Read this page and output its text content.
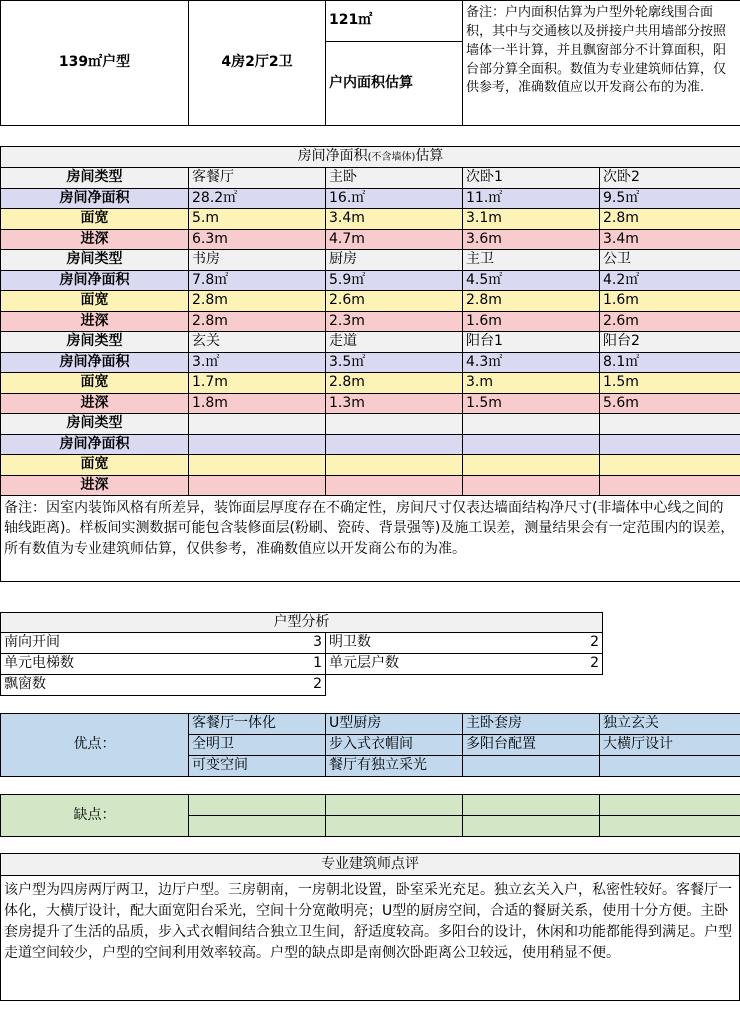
139㎡户型	4房2厅2卫	121㎡	备注：户内面积估算为户型外轮廓线围合面积，其中与交通核以及拼接户共用墙部分按照墙体一半计算，并且飘窗部分不计算面积，阳台部分算全面积。数值为专业建筑师估算，仅供参考，准确数值应以开发商公布的为准.
户内面积估算
房间净面积(不含墙体)估算				
房间类型	客餐厅	主卧	次卧1	次卧2
房间净面积	28.2㎡	16.㎡	11.㎡	9.5㎡
面宽	5.m	3.4m	3.1m	2.8m
进深	6.3m	4.7m	3.6m	3.4m
房间类型	书房	厨房	主卫	公卫
房间净面积	7.8㎡	5.9㎡	4.5㎡	4.2㎡
面宽	2.8m	2.6m	2.8m	1.6m
进深	2.8m	2.3m	1.6m	2.6m
房间类型	玄关	走道	阳台1	阳台2
房间净面积	3.㎡	3.5㎡	4.3㎡	8.1㎡
面宽	1.7m	2.8m	3.m	1.5m
进深	1.8m	1.3m	1.5m	5.6m
房间类型				
房间净面积				
面宽				
进深				
备注：因室内装饰风格有所差异，装饰面层厚度存在不确定性，房间尺寸仅表达墙面结构净尺寸(非墙体中心线之间的轴线距离)。样板间实测数据可能包含装修面层(粉刷、瓷砖、背景强等)及施工误差，测量结果会有一定范围内的误差，所有数值为专业建筑师估算，仅供参考，准确数值应以开发商公布的为准。				
户型分析			
南向开间	3	明卫数	2
单元电梯数	1	单元层户数	2
飘窗数	2		
优点：	客餐厅一体化	U型厨房	主卧套房	独立玄关
	全明卫	步入式衣帽间	多阳台配置	大横厅设计
	可变空间	餐厅有独立采光		
缺点：				

专业建筑师点评
该户型为四房两厅两卫，边厅户型。三房朝南，一房朝北设置，卧室采光充足。独立玄关入户，私密性较好。客餐厅一体化，大横厅设计，配大面宽阳台采光，空间十分宽敞明亮；U型的厨房空间，合适的餐厨关系，使用十分方便。主卧套房提升了生活的品质，步入式衣帽间结合独立卫生间，舒适度较高。多阳台的设计，休闲和功能都能得到满足。户型走道空间较少，户型的空间利用效率较高。户型的缺点即是南侧次卧距离公卫较远，使用稍显不便。
